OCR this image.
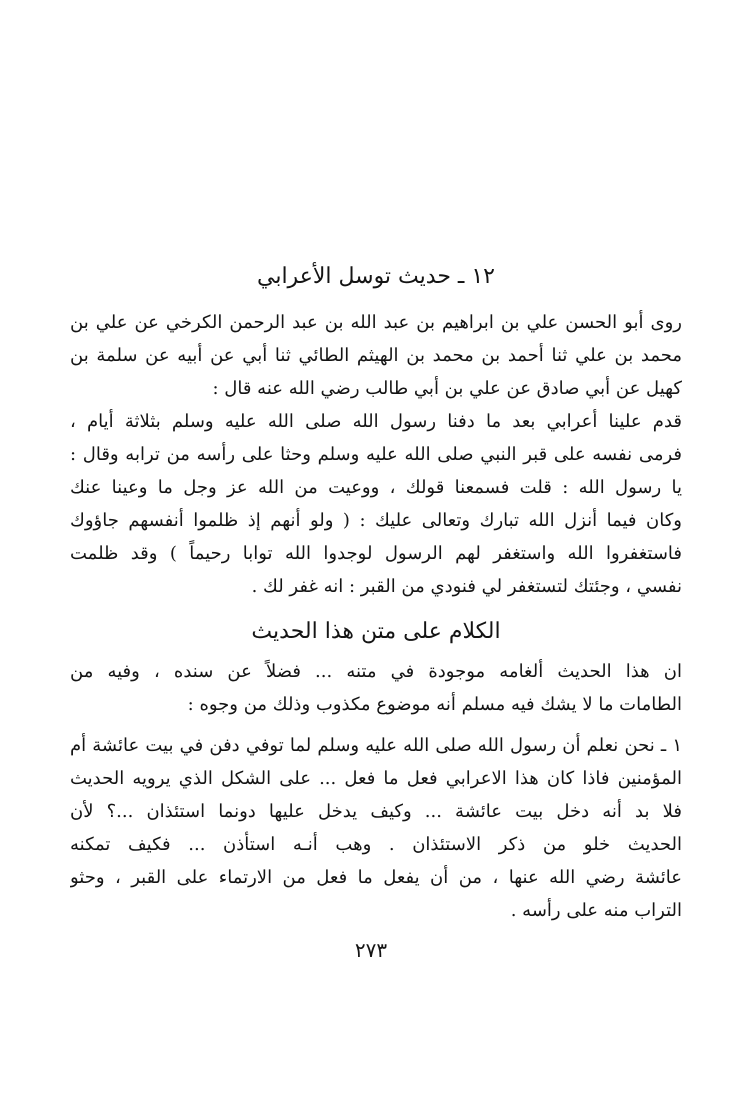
١٢ ـ حديث توسل الأعرابي
روى أبو الحسن علي بن ابراهيم بن عبد الله بن عبد الرحمن الكرخي عن علي بن
محمد بن علي ثنا أحمد بن محمد بن الهيثم الطائي ثنا أبي عن أبيه عن سلمة بن
كهيل عن أبي صادق عن علي بن أبي طالب رضي الله عنه قال :
قدم علينا أعرابي بعد ما دفنا رسول الله صلى الله عليه وسلم بثلاثة أيام ،
فرمى نفسه على قبر النبي صلى الله عليه وسلم وحثا على رأسه من ترابه وقال :
يا رسول الله : قلت فسمعنا قولك ، ووعيت من الله عز وجل ما وعينا عنك
وكان فيما أنزل الله تبارك وتعالى عليك : ( ولو أنهم إذ ظلموا أنفسهم جاؤوك
فاستغفروا الله واستغفر لهم الرسول لوجدوا الله توابا رحيماً ) وقد ظلمت
نفسي ، وجئتك لتستغفر لي فنودي من القبر : انه غفر لك .
الكلام على متن هذا الحديث
ان هذا الحديث ألغامه موجودة في متنه ... فضلاً عن سنده ، وفيه من
الطامات ما لا يشك فيه مسلم أنه موضوع مكذوب وذلك من وجوه :
١ ـ نحن نعلم أن رسول الله صلى الله عليه وسلم لما توفي دفن في بيت عائشة أم
المؤمنين فاذا كان هذا الاعرابي فعل ما فعل ... على الشكل الذي يرويه الحديث
فلا بد أنه دخل بيت عائشة ... وكيف يدخل عليها دونما استئذان ...؟ لأن
الحديث خلو من ذكر الاستئذان . وهب أنـه استأذن ... فكيف تمكنه
عائشة رضي الله عنها ، من أن يفعل ما فعل من الارتماء على القبر ، وحثو
التراب منه على رأسه .
٢٧٣
